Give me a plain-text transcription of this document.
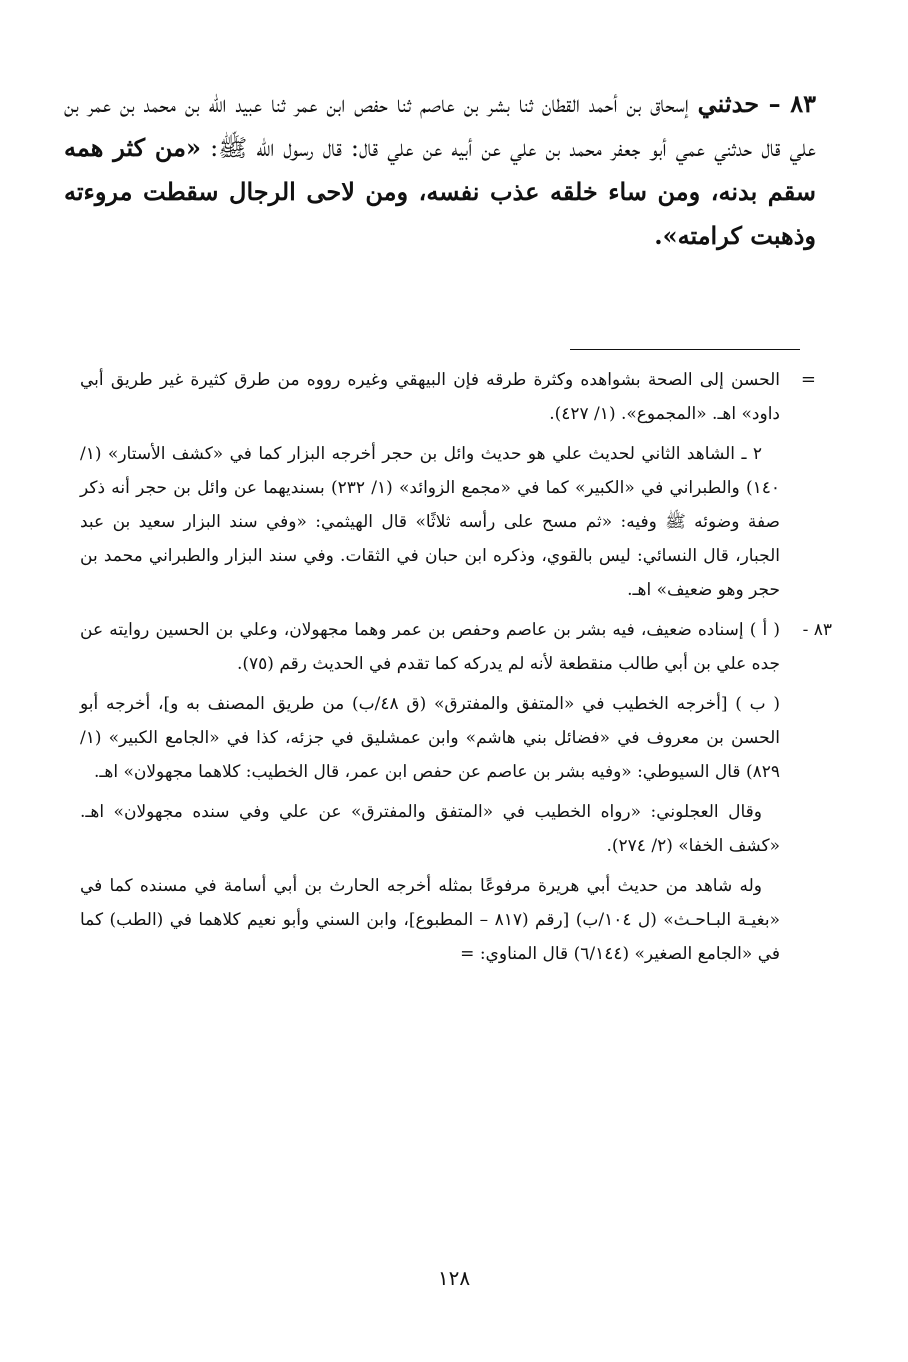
٨٣ – حدثني إسحاق بن أحمد القطان ثنا بشر بن عاصم ثنا حفص ابن عمر ثنا عبيد الله بن محمد بن عمر بن علي قال حدثني عمي أبو جعفر محمد بن علي عن أبيه عن علي قال: قال رسول الله ﷺ: «من كثر همه سقم بدنه، ومن ساء خلقه عذب نفسه، ومن لاحى الرجال سقطت مروءته وذهبت كرامته».

=
الحسن إلى الصحة بشواهده وكثرة طرقه فإن البيهقي وغيره رووه من طرق كثيرة غير طريق أبي داود» اهـ. «المجموع». (١/ ٤٢٧).

٢ ـ الشاهد الثاني لحديث علي هو حديث وائل بن حجر أخرجه البزار كما في «كشف الأستار» (١/ ١٤٠) والطبراني في «الكبير» كما في «مجمع الزوائد» (١/ ٢٣٢) بسنديهما عن وائل بن حجر أنه ذكر صفة وضوئه ﷺ وفيه: «ثم مسح على رأسه ثلاثًا» قال الهيثمي: «وفي سند البزار سعيد بن عبد الجبار، قال النسائي: ليس بالقوي، وذكره ابن حبان في الثقات. وفي سند البزار والطبراني محمد بن حجر وهو ضعيف» اهـ.

٨٣ -
( أ ) إسناده ضعيف، فيه بشر بن عاصم وحفص بن عمر وهما مجهولان، وعلي بن الحسين روايته عن جده علي بن أبي طالب منقطعة لأنه لم يدركه كما تقدم في الحديث رقم (٧٥).

( ب ) [أخرجه الخطيب في «المتفق والمفترق» (ق ٤٨/ب) من طريق المصنف به و]، أخرجه أبو الحسن بن معروف في «فضائل بني هاشم» وابن عمشليق في جزئه، كذا في «الجامع الكبير» (١/ ٨٢٩) قال السيوطي: «وفيه بشر بن عاصم عن حفص ابن عمر، قال الخطيب: كلاهما مجهولان» اهـ.

وقال العجلوني: «رواه الخطيب في «المتفق والمفترق» عن علي وفي سنده مجهولان» اهـ. «كشف الخفا» (٢/ ٢٧٤).

وله شاهد من حديث أبي هريرة مرفوعًا بمثله أخرجه الحارث بن أبي أسامة في مسنده كما في «بغيـة البـاحـث» (ل ١٠٤/ب) [رقم (٨١٧ – المطبوع]، وابن السني وأبو نعيم كلاهما في (الطب) كما في «الجامع الصغير» (٦/١٤٤) قال المناوي: =

١٢٨
